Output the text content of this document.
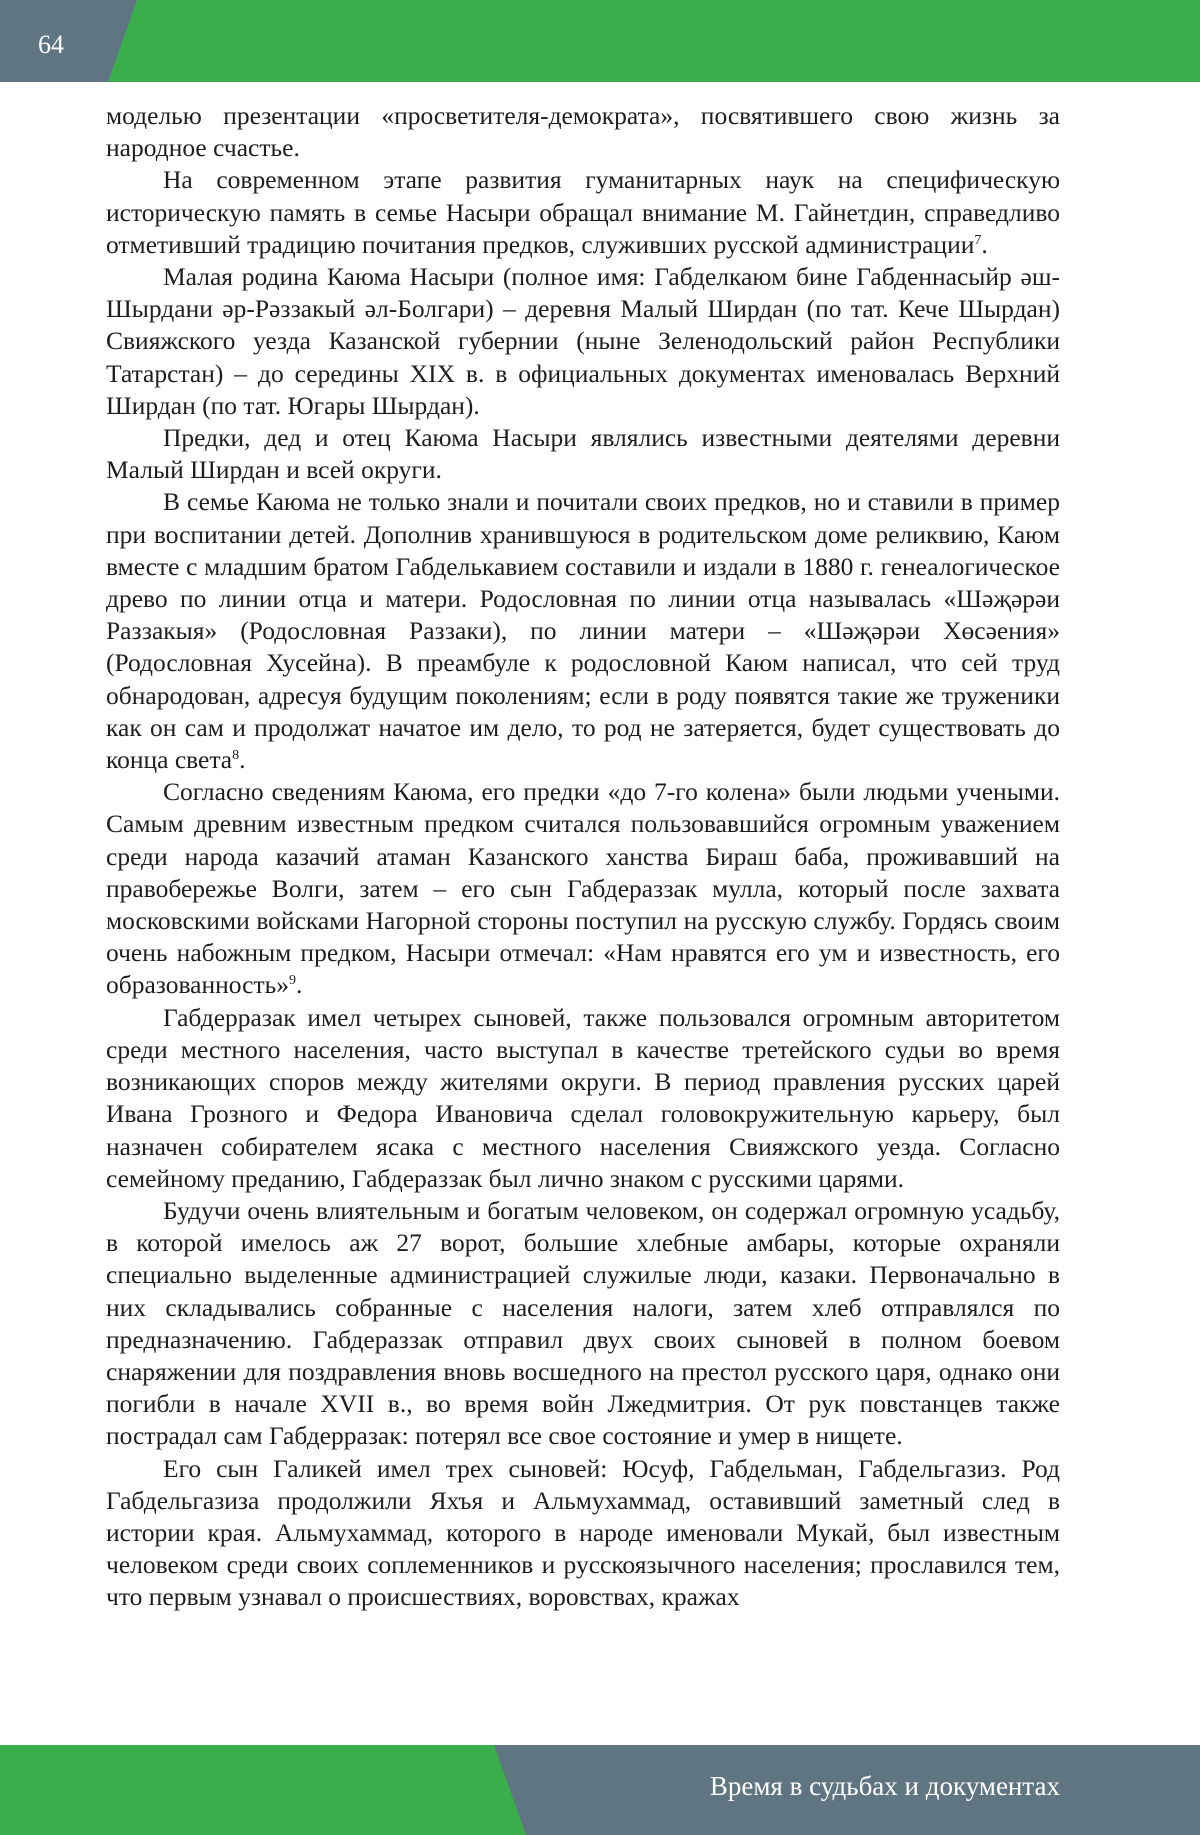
64

моделью презентации «просветителя-демократа», посвятившего свою жизнь за народное счастье.

На современном этапе развития гуманитарных наук на специфическую историческую память в семье Насыри обращал внимание М. Гайнетдин, справедливо отметивший традицию почитания предков, служивших русской администрации$^7$.

Малая родина Каюма Насыри (полное имя: Габделкаюм бине Габденнасыйр әш-Шырдани әр-Рәззакый әл-Болгари) – деревня Малый Ширдан (по тат. Кече Шырдан) Свияжского уезда Казанской губернии (ныне Зеленодольский район Республики Татарстан) – до середины XIX в. в официальных документах именовалась Верхний Ширдан (по тат. Югары Шырдан).

Предки, дед и отец Каюма Насыри являлись известными деятелями деревни Малый Ширдан и всей округи.

В семье Каюма не только знали и почитали своих предков, но и ставили в пример при воспитании детей. Дополнив хранившуюся в родительском доме реликвию, Каюм вместе с младшим братом Габделькавием составили и издали в 1880 г. генеалогическое древо по линии отца и матери. Родословная по линии отца называлась «Шәҗәрәи Раззакыя» (Родословная Раззаки), по линии матери – «Шәҗәрәи Хөсәения» (Родословная Хусейна). В преамбуле к родословной Каюм написал, что сей труд обнародован, адресуя будущим поколениям; если в роду появятся такие же труженики как он сам и продолжат начатое им дело, то род не затеряется, будет существовать до конца света$^8$.

Согласно сведениям Каюма, его предки «до 7-го колена» были людьми учеными. Самым древним известным предком считался пользовавшийся огромным уважением среди народа казачий атаман Казанского ханства Бираш баба, проживавший на правобережье Волги, затем – его сын Габдераззак мулла, который после захвата московскими войсками Нагорной стороны поступил на русскую службу. Гордясь своим очень набожным предком, Насыри отмечал: «Нам нравятся его ум и известность, его образованность»$^9$.

Габдерразак имел четырех сыновей, также пользовался огромным авторитетом среди местного населения, часто выступал в качестве третейского судьи во время возникающих споров между жителями округи. В период правления русских царей Ивана Грозного и Федора Ивановича сделал головокружительную карьеру, был назначен собирателем ясака с местного населения Свияжского уезда. Согласно семейному преданию, Габдераззак был лично знаком с русскими царями.

Будучи очень влиятельным и богатым человеком, он содержал огромную усадьбу, в которой имелось аж 27 ворот, большие хлебные амбары, которые охраняли специально выделенные администрацией служилые люди, казаки. Первоначально в них складывались собранные с населения налоги, затем хлеб отправлялся по предназначению. Габдераззак отправил двух своих сыновей в полном боевом снаряжении для поздравления вновь восшедного на престол русского царя, однако они погибли в начале XVII в., во время войн Лжедмитрия. От рук повстанцев также пострадал сам Габдерразак: потерял все свое состояние и умер в нищете.

Его сын Галикей имел трех сыновей: Юсуф, Габдельман, Габдельгазиз. Род Габдельгазиза продолжили Яхъя и Альмухаммад, оставивший заметный след в истории края. Альмухаммад, которого в народе именовали Мукай, был известным человеком среди своих соплеменников и русскоязычного населения; прославился тем, что первым узнавал о происшествиях, воровствах, кражах

Время в судьбах и документах
